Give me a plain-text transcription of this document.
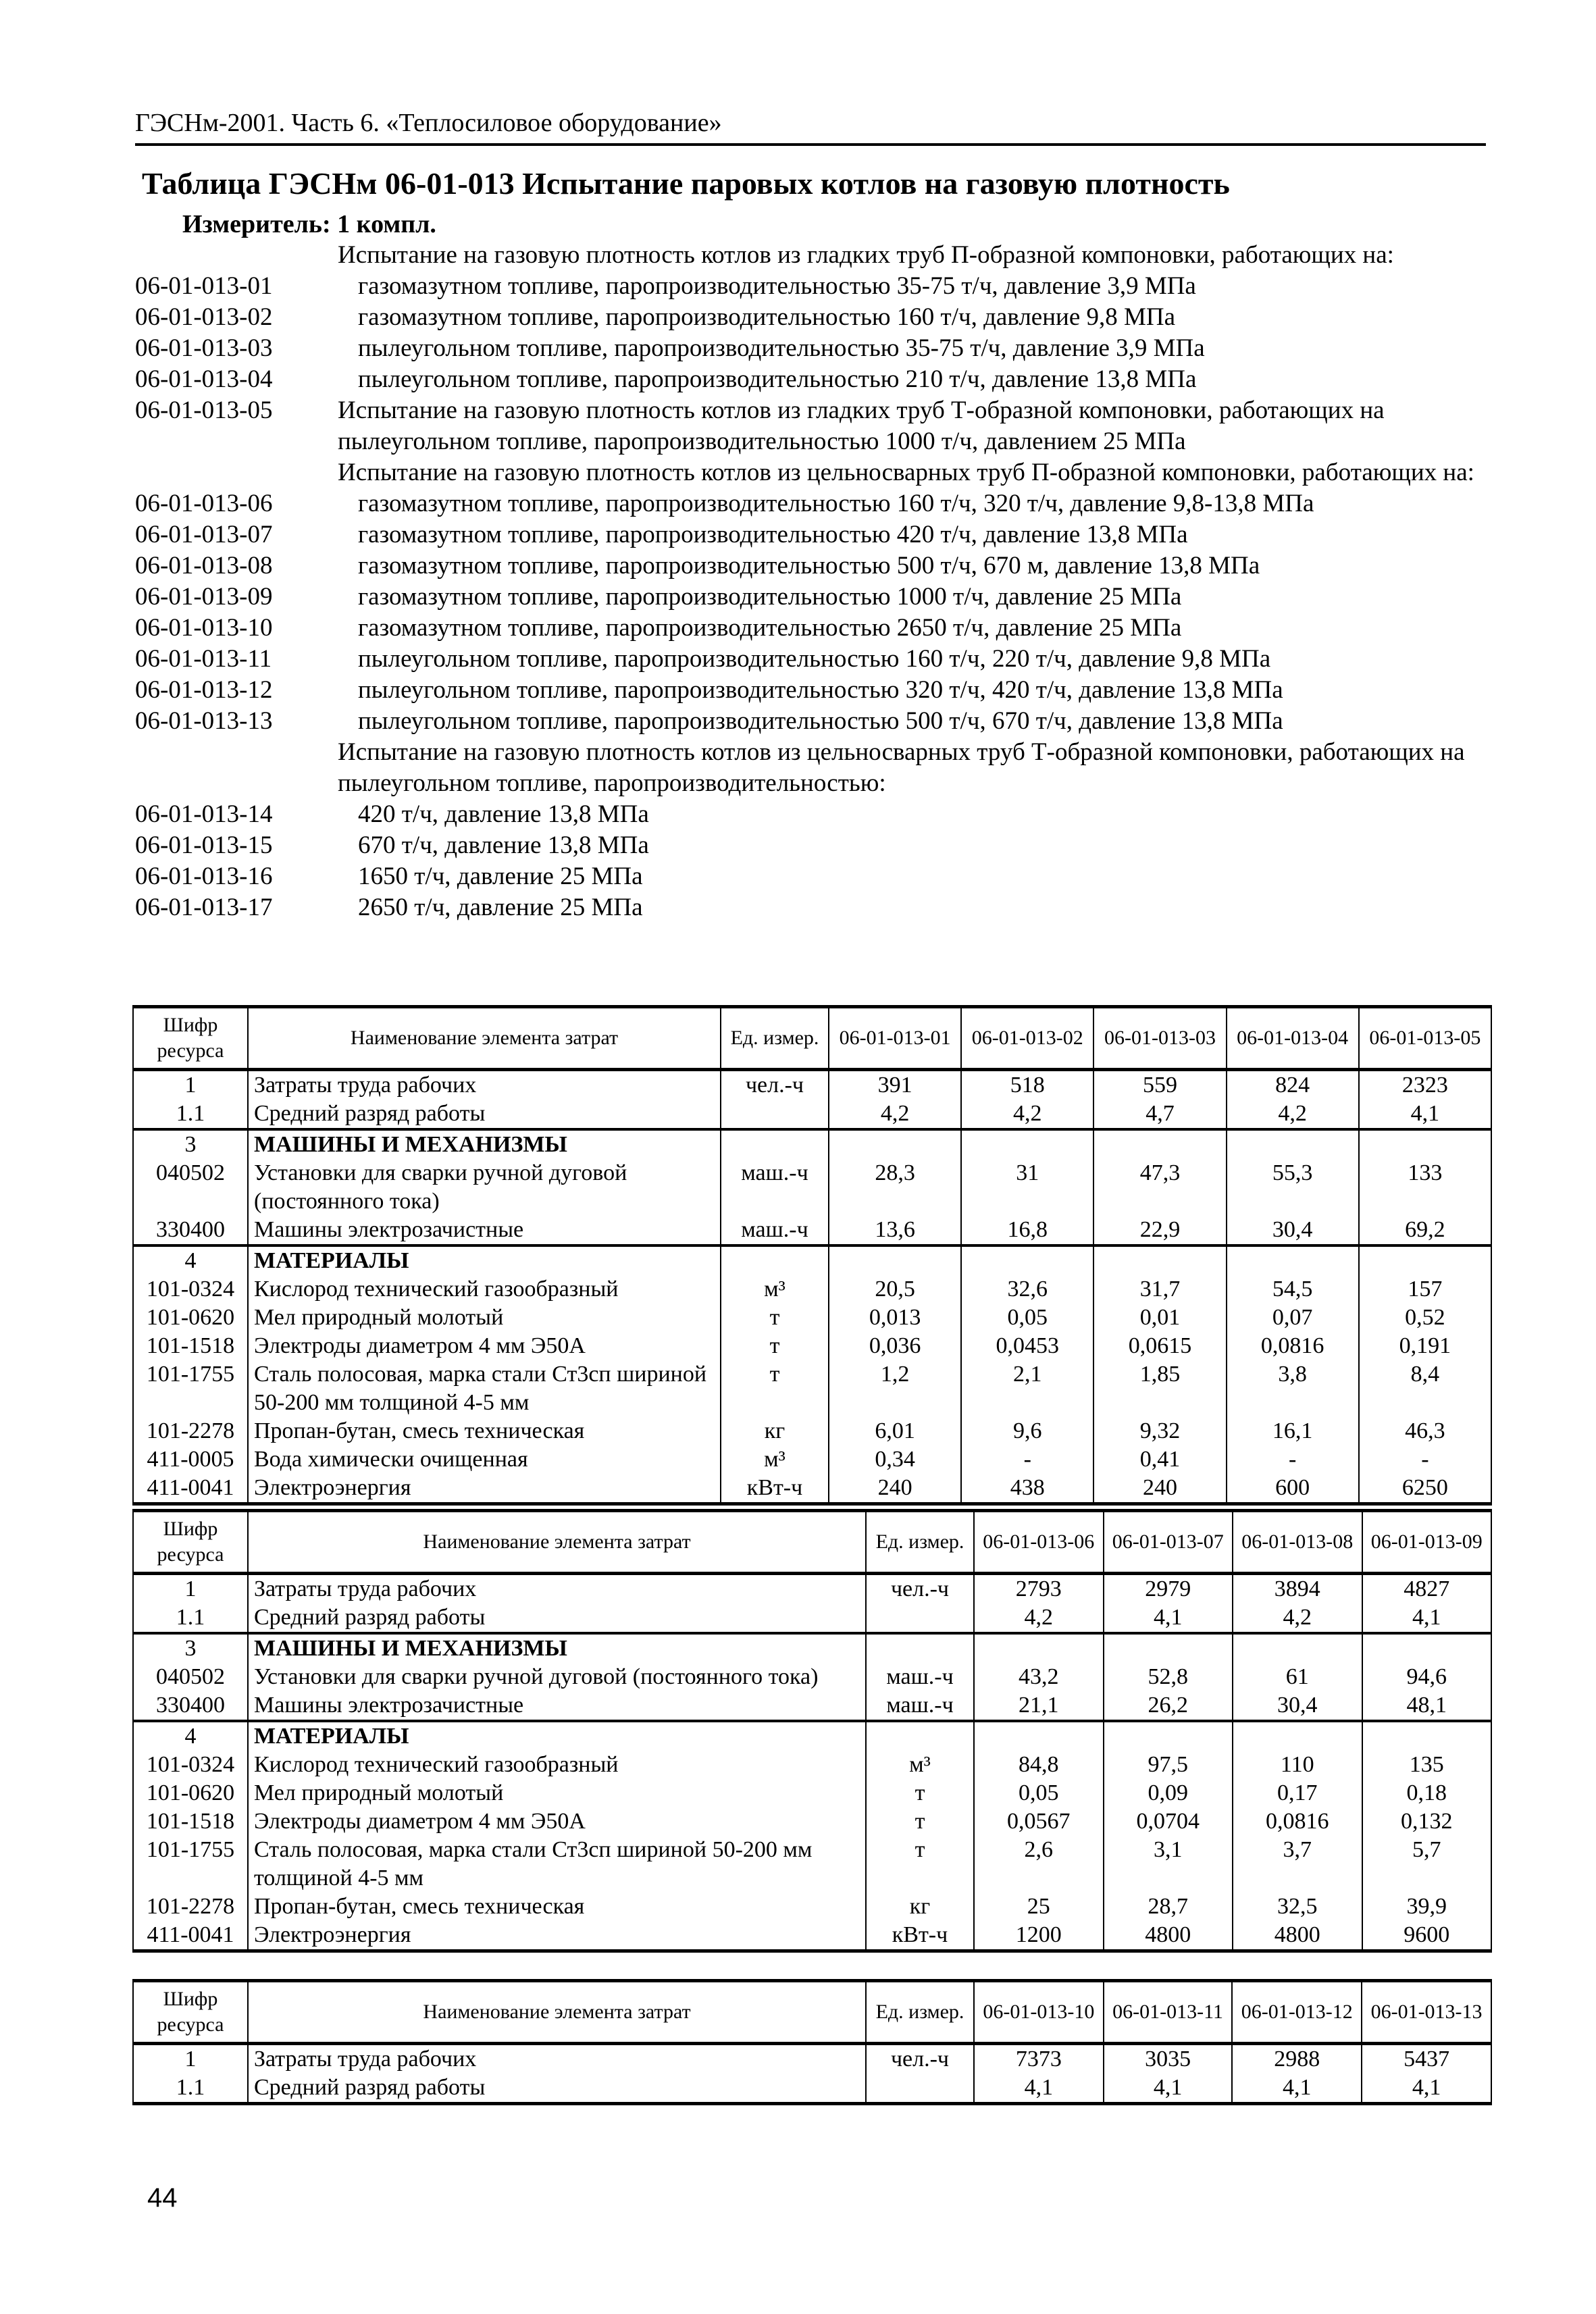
ГЭСНм-2001. Часть 6. «Теплосиловое оборудование»
Таблица ГЭСНм 06-01-013 Испытание паровых котлов на газовую плотность
Измеритель: 1 компл.
Испытание на газовую плотность котлов из гладких труб П-образной компоновки, работающих на:
06-01-013-01	газомазутном топливе, паропроизводительностью 35-75 т/ч, давление 3,9 МПа
06-01-013-02	газомазутном топливе, паропроизводительностью 160 т/ч, давление 9,8 МПа
06-01-013-03	пылеугольном топливе, паропроизводительностью 35-75 т/ч, давление 3,9 МПа
06-01-013-04	пылеугольном топливе, паропроизводительностью 210 т/ч, давление 13,8 МПа
06-01-013-05	Испытание на газовую плотность котлов из гладких труб Т-образной компоновки, работающих на пылеугольном топливе, паропроизводительностью 1000 т/ч, давлением 25 МПа
Испытание на газовую плотность котлов из цельносварных труб П-образной компоновки, работающих на:
06-01-013-06	газомазутном топливе, паропроизводительностью 160 т/ч, 320 т/ч, давление 9,8-13,8 МПа
06-01-013-07	газомазутном топливе, паропроизводительностью 420 т/ч, давление 13,8 МПа
06-01-013-08	газомазутном топливе, паропроизводительностью 500 т/ч, 670 м, давление 13,8 МПа
06-01-013-09	газомазутном топливе, паропроизводительностью 1000 т/ч, давление 25 МПа
06-01-013-10	газомазутном топливе, паропроизводительностью 2650 т/ч, давление 25 МПа
06-01-013-11	пылеугольном топливе, паропроизводительностью 160 т/ч, 220 т/ч, давление 9,8 МПа
06-01-013-12	пылеугольном топливе, паропроизводительностью 320 т/ч, 420 т/ч, давление 13,8 МПа
06-01-013-13	пылеугольном топливе, паропроизводительностью 500 т/ч, 670 т/ч, давление 13,8 МПа
Испытание на газовую плотность котлов из цельносварных труб Т-образной компоновки, работающих на пылеугольном топливе, паропроизводительностью:
06-01-013-14	420 т/ч, давление 13,8 МПа
06-01-013-15	670 т/ч, давление 13,8 МПа
06-01-013-16	1650 т/ч, давление 25 МПа
06-01-013-17	2650 т/ч, давление 25 МПа
Шифр ресурса	Наименование элемента затрат	Ед. измер.	06-01-013-01	06-01-013-02	06-01-013-03	06-01-013-04	06-01-013-05
1	Затраты труда рабочих	чел.-ч	391	518	559	824	2323
1.1	Средний разряд работы		4,2	4,2	4,7	4,2	4,1
3	МАШИНЫ И МЕХАНИЗМЫ						
040502	Установки для сварки ручной дуговой (постоянного тока)	маш.-ч	28,3	31	47,3	55,3	133
330400	Машины электрозачистные	маш.-ч	13,6	16,8	22,9	30,4	69,2
4	МАТЕРИАЛЫ						
101-0324	Кислород технический газообразный	м³	20,5	32,6	31,7	54,5	157
101-0620	Мел природный молотый	т	0,013	0,05	0,01	0,07	0,52
101-1518	Электроды диаметром 4 мм Э50А	т	0,036	0,0453	0,0615	0,0816	0,191
101-1755	Сталь полосовая, марка стали Ст3сп шириной 50-200 мм толщиной 4-5 мм	т	1,2	2,1	1,85	3,8	8,4
101-2278	Пропан-бутан, смесь техническая	кг	6,01	9,6	9,32	16,1	46,3
411-0005	Вода химически очищенная	м³	0,34	-	0,41	-	-
411-0041	Электроэнергия	кВт-ч	240	438	240	600	6250
Шифр ресурса	Наименование элемента затрат	Ед. измер.	06-01-013-06	06-01-013-07	06-01-013-08	06-01-013-09
1	Затраты труда рабочих	чел.-ч	2793	2979	3894	4827
1.1	Средний разряд работы		4,2	4,1	4,2	4,1
3	МАШИНЫ И МЕХАНИЗМЫ					
040502	Установки для сварки ручной дуговой (постоянного тока)	маш.-ч	43,2	52,8	61	94,6
330400	Машины электрозачистные	маш.-ч	21,1	26,2	30,4	48,1
4	МАТЕРИАЛЫ					
101-0324	Кислород технический газообразный	м³	84,8	97,5	110	135
101-0620	Мел природный молотый	т	0,05	0,09	0,17	0,18
101-1518	Электроды диаметром 4 мм Э50А	т	0,0567	0,0704	0,0816	0,132
101-1755	Сталь полосовая, марка стали Ст3сп шириной 50-200 мм толщиной 4-5 мм	т	2,6	3,1	3,7	5,7
101-2278	Пропан-бутан, смесь техническая	кг	25	28,7	32,5	39,9
411-0041	Электроэнергия	кВт-ч	1200	4800	4800	9600
Шифр ресурса	Наименование элемента затрат	Ед. измер.	06-01-013-10	06-01-013-11	06-01-013-12	06-01-013-13
1	Затраты труда рабочих	чел.-ч	7373	3035	2988	5437
1.1	Средний разряд работы		4,1	4,1	4,1	4,1
44
